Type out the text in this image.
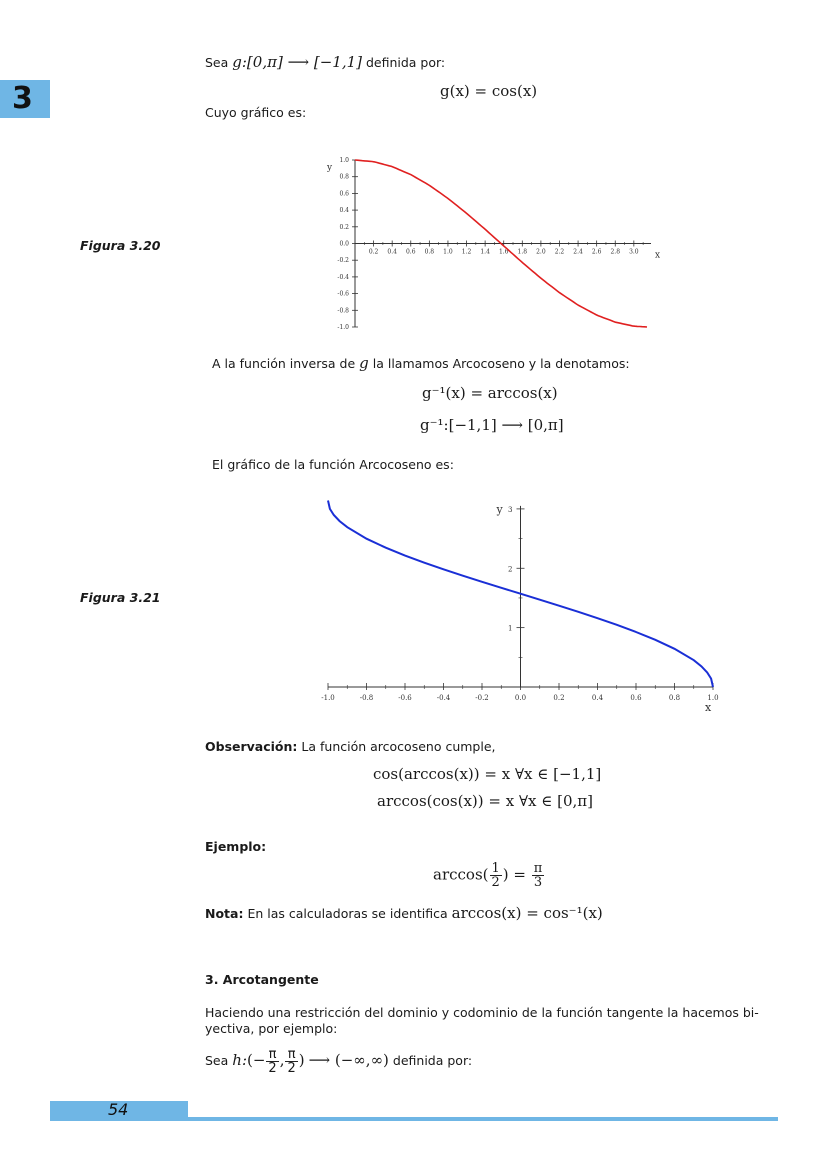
3
Sea g:[0,π] ⟶ [−1,1] definida por:
g(x) = cos(x)
Cuyo gráfico es:
Figura 3.20	0.2 0.4 0.6 0.8 1.0 1.2 1.4 1.6 1.8 2.0 2.2 2.4 2.6 2.8 3.0
1.0
0.8
0.6
0.4
0.2
0.0
-0.2
-0.4
-0.6
-0.8
-1.0
x
y
A la función inversa de g la llamamos Arcocoseno y la denotamos:
g⁻¹(x) = arccos(x)
g⁻¹:[−1,1] ⟶ [0,π]
El gráfico de la función Arcocoseno es:
Figura 3.21
-1.0	-0.8	-0.6	-0.4	-0.2	0.0	0.2	0.4	0.6	0.8	1.0
1
2
3
x
y
Observación: La función arcocoseno cumple,
cos(arccos(x)) = x ∀x ∈ [−1,1]
arccos(cos(x)) = x ∀x ∈ [0,π]
Ejemplo:
$\arccos( \frac{1}{2}$ ) = $\frac{\pi}{3}$
Nota: En las calculadoras se identifica arccos(x) = cos⁻¹(x)
3. Arcotangente
Haciendo una restricción del dominio y codominio de la función tangente la hacemos bi-
yectiva, por ejemplo:
Sea h:(− $\frac{\pi}{2}$ , $\frac{\pi}{2}$ ) ⟶ (−∞,∞) definida por:
54
